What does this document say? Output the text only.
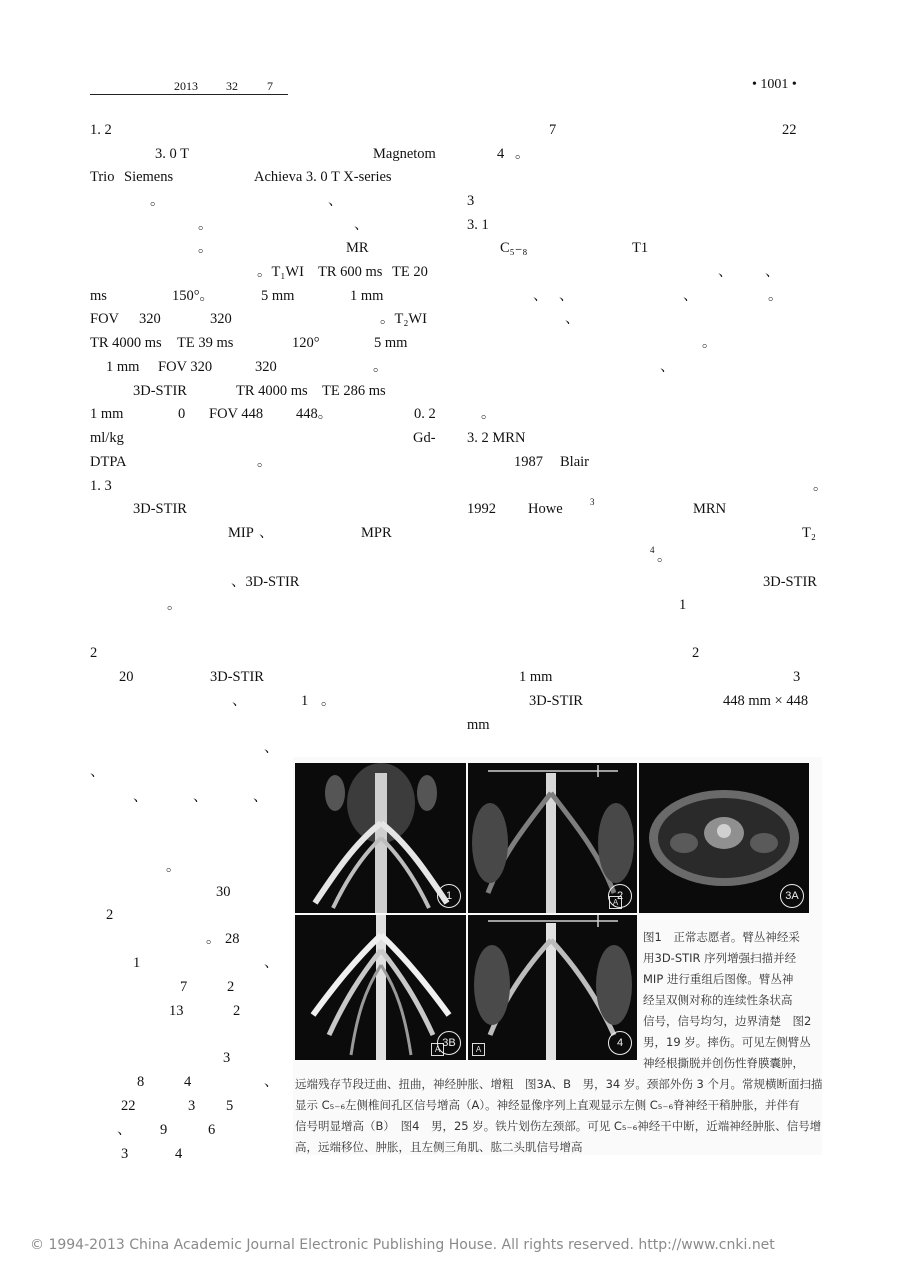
2013 32 7	• 1001 •
1. 2
3. 0 T	Magnetom
Trio Siemens	Achieva 3. 0 T X-series
。	、
。	、
。	MR
。T₁WI TR 600 ms TE 20
ms	150°。	5 mm	1 mm
FOV 320	320	。T₂WI
TR 4000 ms TE 39 ms	120°	5 mm
1 mm FOV 320	320	。
3D-STIR	TR 4000 ms TE 286 ms
1 mm	0 FOV 448 448。	0. 2
ml/kg	Gd-
DTPA	。
1. 3
3D-STIR
MIP 、	MPR
、3D-STIR
。
2
20	3D-STIR
、	1 。
、
、
、	、	、
。
30
2
。 28
1	、
7	2
13	2
3
8	4	、
22	3 5
、 9	6
3	4
7	22
4 。
3
3. 1
C₅₋₈	T1
、 、
、 、	、	。
、
。
、
。
3. 2 MRN
1987 Blair
。
1992 Howe	3	MRN
T₂
4 。
3D-STIR
1
2
1 mm	3
3D-STIR	448 mm × 448
mm
1
A
2	3A
A
3B
A
4
图1　正常志愿者。臂丛神经采
用3D-STIR 序列增强扫描并经
MIP 进行重组后图像。臂丛神
经呈双侧对称的连续性条状高
信号，信号均匀，边界清楚　图2
男，19 岁。摔伤。可见左侧臂丛
神经根撕脱并创伤性脊膜囊肿，
远端残存节段迂曲、扭曲，神经肿胀、增粗　图3A、B　男，34 岁。颈部外伤 3 个月。常规横断面扫描
显示 C₅₋₆左侧椎间孔区信号增高（A）。神经显像序列上直观显示左侧 C₅₋₆脊神经干稍肿胀，并伴有
信号明显增高（B）　图4　男，25 岁。铁片划伤左颈部。可见 C₅₋₆神经干中断，近端神经肿胀、信号增
高，远端移位、肿胀，且左侧三角肌、肱二头肌信号增高
© 1994-2013 China Academic Journal Electronic Publishing House. All rights reserved. http://www.cnki.net
